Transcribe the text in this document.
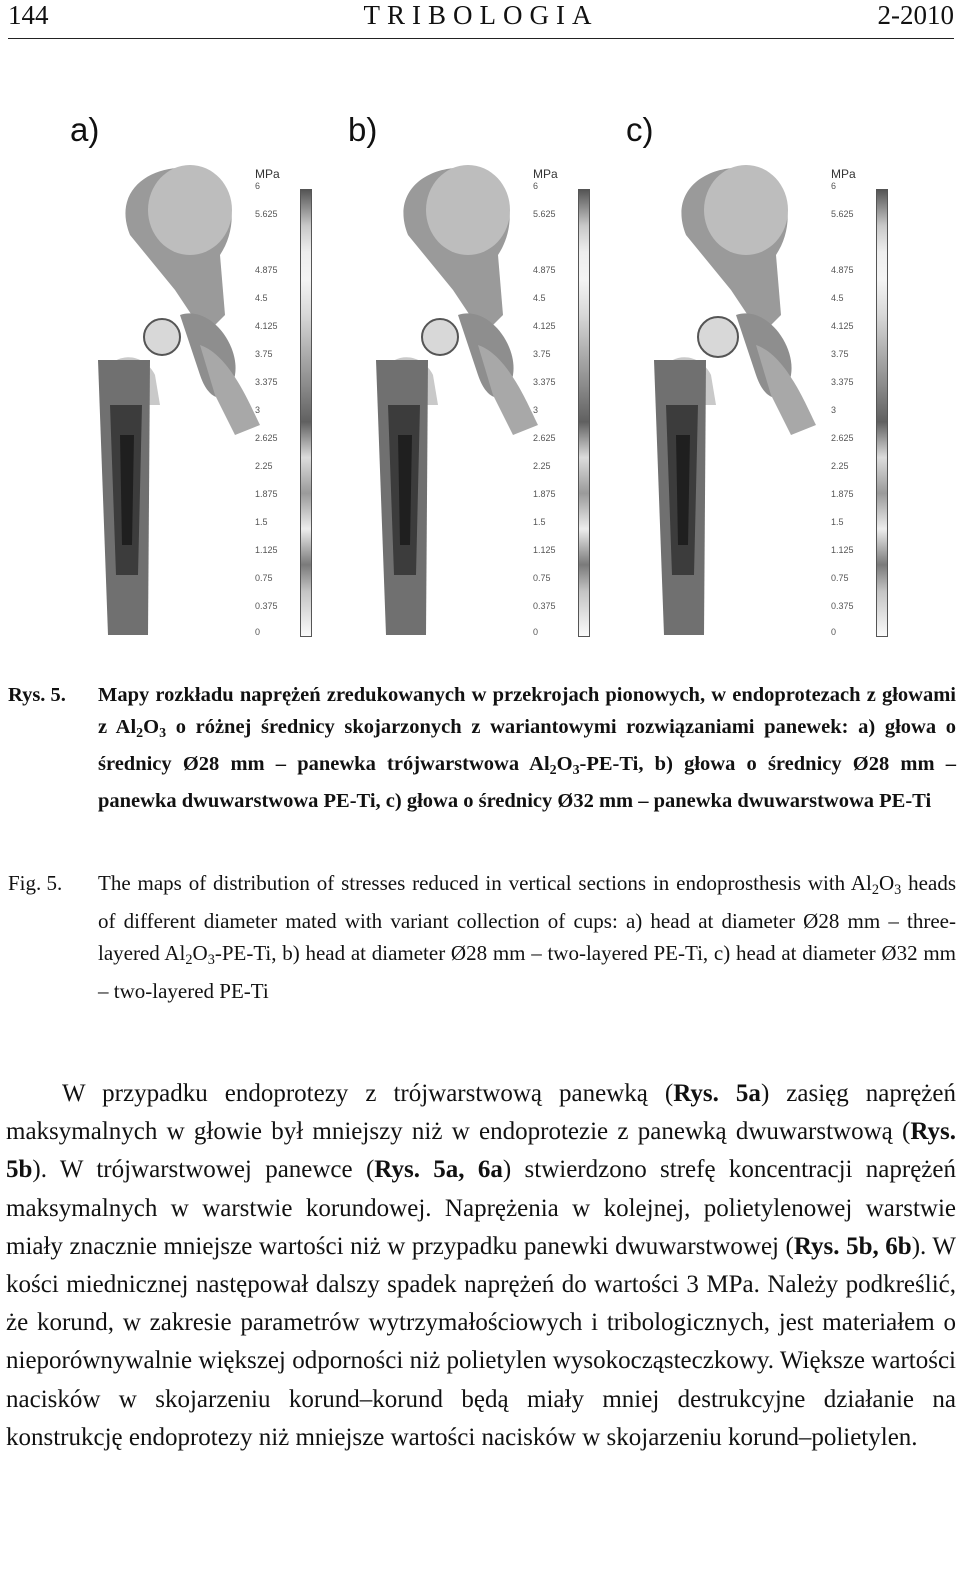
144	TRIBOLOGIA	2-2010
a)
MPa
6
5.625
4.875
4.5
4.125
3.75
3.375
3
2.625
2.25
1.875
1.5
1.125
0.75
0.375
0
b)
MPa
6
5.625
4.875
4.5
4.125
3.75
3.375
3
2.625
2.25
1.875
1.5
1.125
0.75
0.375
0
c)
MPa
6
5.625
4.875
4.5
4.125
3.75
3.375
3
2.625
2.25
1.875
1.5
1.125
0.75
0.375
0
Rys. 5. Mapy rozkładu naprężeń zredukowanych w przekrojach pionowych, w endoprotezach z głowami z $Al_2O_3$ o różnej średnicy skojarzonych z wariantowymi rozwiązaniami panewek: a) głowa o średnicy Ø28 mm – panewka trójwarstwowa $Al_2O_3-PE-Ti$, b) głowa o średnicy Ø28 mm – panewka dwuwarstwowa PE-Ti, c) głowa o średnicy Ø32 mm – panewka dwuwarstwowa PE-Ti
Fig. 5. The maps of distribution of stresses reduced in vertical sections in endoprosthesis with $Al_2O_3$ heads of different diameter mated with variant collection of cups: a) head at diameter Ø28 mm – three-layered $Al_2O_3-PE-Ti$, b) head at diameter Ø28 mm – two-layered PE-Ti, c) head at diameter Ø32 mm – two-layered PE-Ti

W przypadku endoprotezy z trójwarstwową panewką (Rys. 5a) zasięg naprężeń maksymalnych w głowie był mniejszy niż w endoprotezie z panewką dwuwarstwową (Rys. 5b). W trójwarstwowej panewce (Rys. 5a, 6a) stwierdzono strefę koncentracji naprężeń maksymalnych w warstwie korundowej. Naprężenia w kolejnej, polietylenowej warstwie miały znacznie mniejsze wartości niż w przypadku panewki dwuwarstwowej (Rys. 5b, 6b). W kości miednicznej następował dalszy spadek naprężeń do wartości 3 MPa. Należy podkreślić, że korund, w zakresie parametrów wytrzymałościowych i tribologicznych, jest materiałem o nieporównywalnie większej odporności niż polietylen wysokocząsteczkowy. Większe wartości nacisków w skojarzeniu korund–korund będą miały mniej destrukcyjne działanie na konstrukcję endoprotezy niż mniejsze wartości nacisków w skojarzeniu korund–polietylen.
